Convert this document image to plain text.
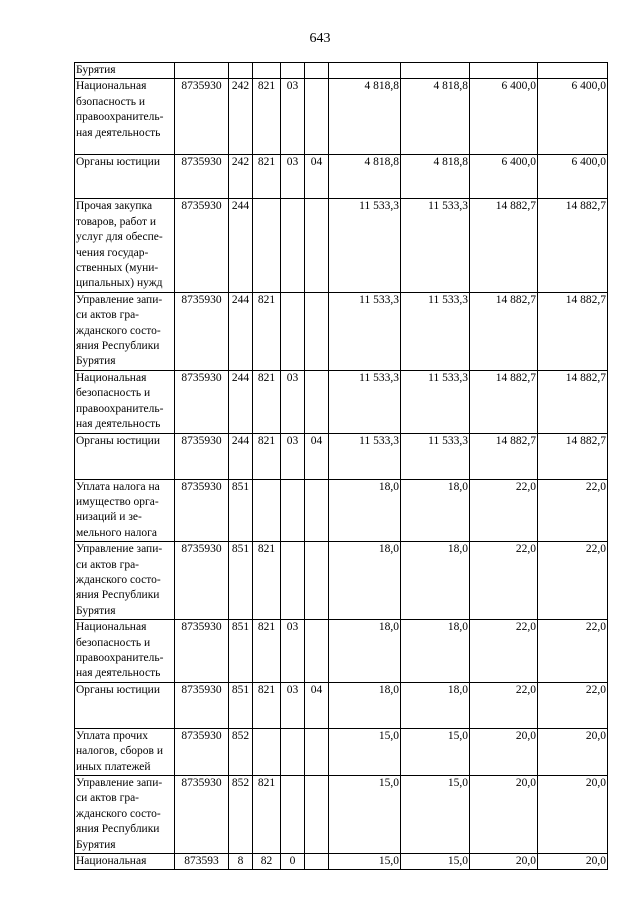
643
Бурятия									
Национальная бзопасность и правоохранитель-ная деятельность	8735930	242	821	03		4 818,8	4 818,8	6 400,0	6 400,0
Органы юстиции	8735930	242	821	03	04	4 818,8	4 818,8	6 400,0	6 400,0
Прочая закупка товаров, работ и услуг для обеспе-чения государ-ственных (муни-ципальных) нужд	8735930	244				11 533,3	11 533,3	14 882,7	14 882,7
Управление запи-си актов гра-жданского состо-яния Республики Бурятия	8735930	244	821			11 533,3	11 533,3	14 882,7	14 882,7
Национальная безопасность и правоохранитель-ная деятельность	8735930	244	821	03		11 533,3	11 533,3	14 882,7	14 882,7
Органы юстиции	8735930	244	821	03	04	11 533,3	11 533,3	14 882,7	14 882,7
Уплата налога на имущество орга-низаций и зе-мельного налога	8735930	851				18,0	18,0	22,0	22,0
Управление запи-си актов гра-жданского состо-яния Республики Бурятия	8735930	851	821			18,0	18,0	22,0	22,0
Национальная безопасность и правоохранитель-ная деятельность	8735930	851	821	03		18,0	18,0	22,0	22,0
Органы юстиции	8735930	851	821	03	04	18,0	18,0	22,0	22,0
Уплата прочих налогов, сборов и иных платежей	8735930	852				15,0	15,0	20,0	20,0
Управление запи-си актов гра-жданского состо-яния Республики Бурятия	8735930	852	821			15,0	15,0	20,0	20,0
Национальная	873593	8	82	0		15,0	15,0	20,0	20,0
